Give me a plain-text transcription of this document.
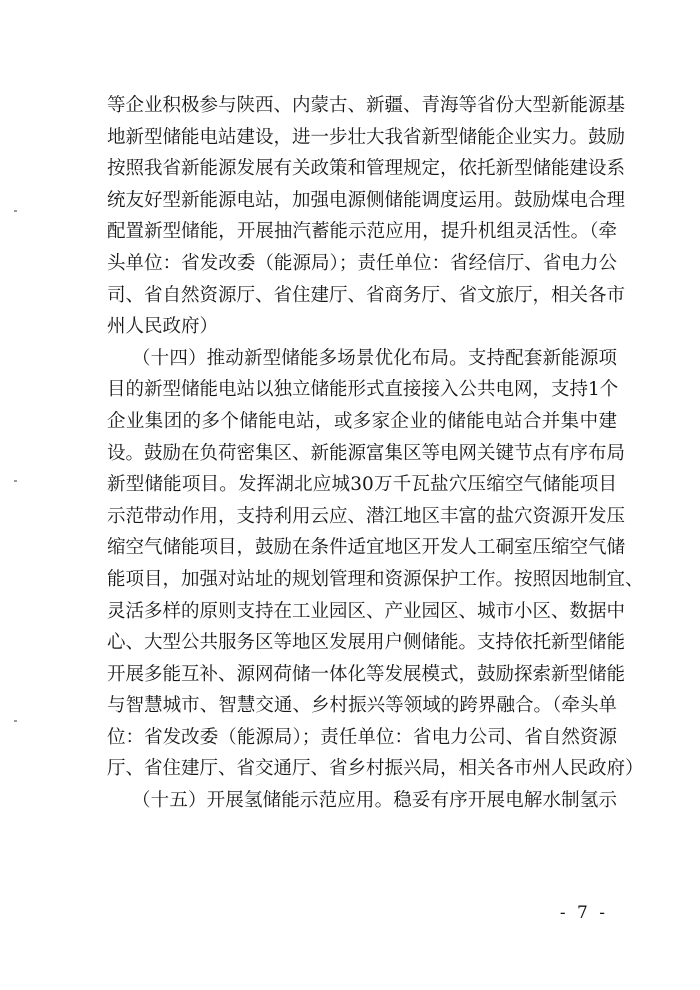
等企业积极参与陕西、内蒙古、新疆、青海等省份大型新能源基
地新型储能电站建设，进一步壮大我省新型储能企业实力。鼓励
按照我省新能源发展有关政策和管理规定，依托新型储能建设系
统友好型新能源电站，加强电源侧储能调度运用。鼓励煤电合理
配置新型储能，开展抽汽蓄能示范应用，提升机组灵活性。（牵
头单位：省发改委（能源局）；责任单位：省经信厅、省电力公
司、省自然资源厅、省住建厅、省商务厅、省文旅厅，相关各市
州人民政府）
（十四）推动新型储能多场景优化布局。支持配套新能源项
目的新型储能电站以独立储能形式直接接入公共电网，支持1个
企业集团的多个储能电站，或多家企业的储能电站合并集中建
设。鼓励在负荷密集区、新能源富集区等电网关键节点有序布局
新型储能项目。发挥湖北应城30万千瓦盐穴压缩空气储能项目
示范带动作用，支持利用云应、潜江地区丰富的盐穴资源开发压
缩空气储能项目，鼓励在条件适宜地区开发人工硐室压缩空气储
能项目，加强对站址的规划管理和资源保护工作。按照因地制宜、
灵活多样的原则支持在工业园区、产业园区、城市小区、数据中
心、大型公共服务区等地区发展用户侧储能。支持依托新型储能
开展多能互补、源网荷储一体化等发展模式，鼓励探索新型储能
与智慧城市、智慧交通、乡村振兴等领域的跨界融合。（牵头单
位：省发改委（能源局）；责任单位：省电力公司、省自然资源
厅、省住建厅、省交通厅、省乡村振兴局，相关各市州人民政府）
（十五）开展氢储能示范应用。稳妥有序开展电解水制氢示
- 7 -
